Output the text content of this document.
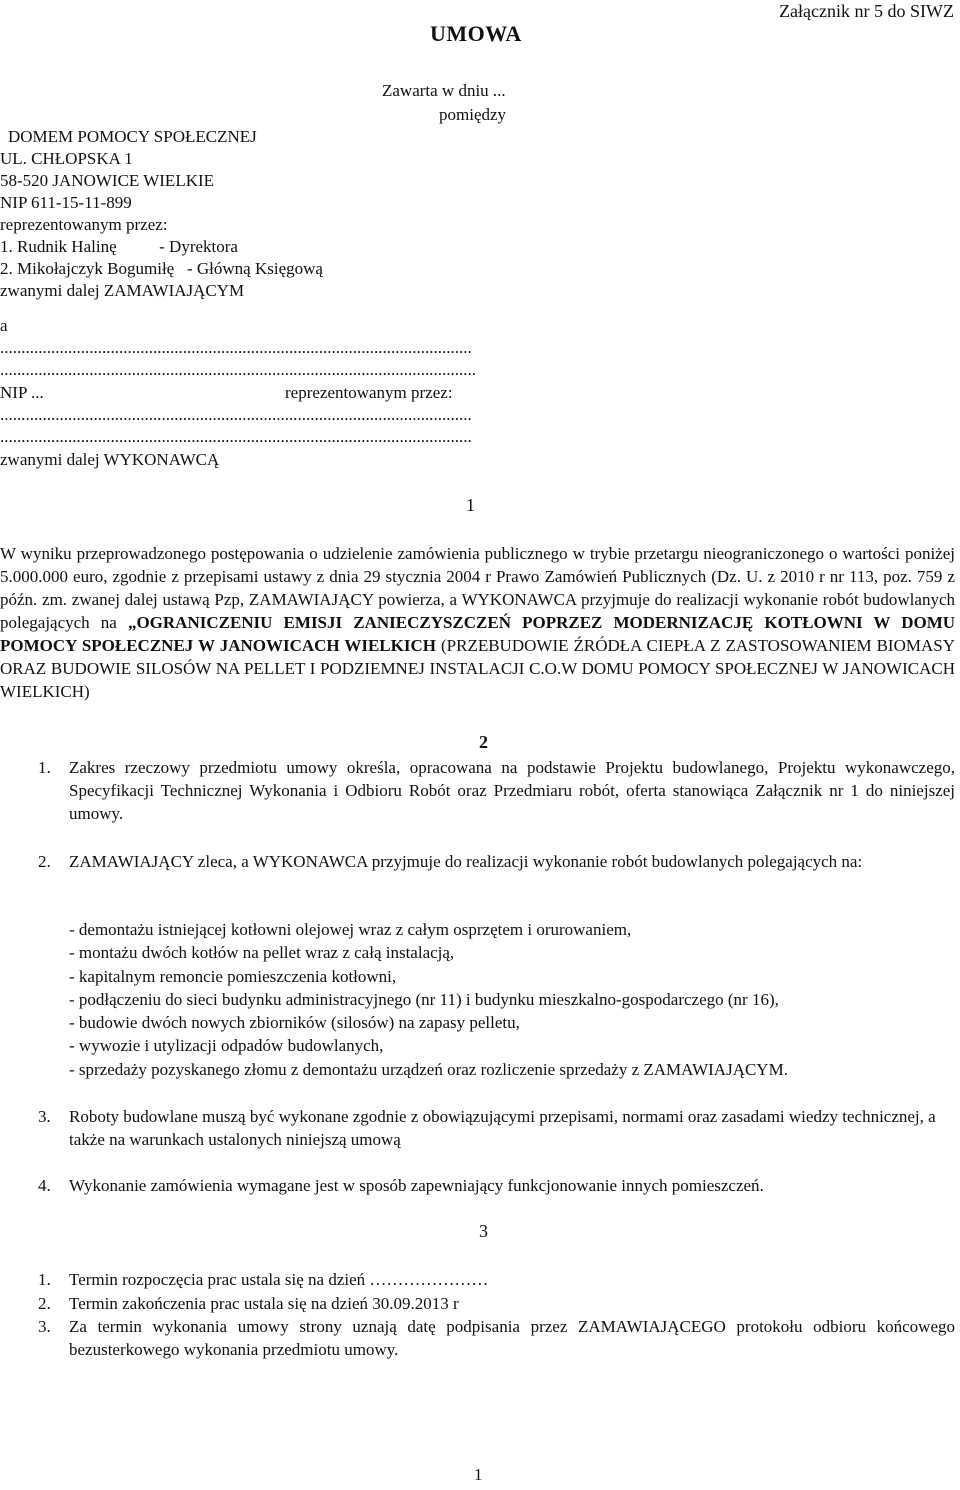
Załącznik nr 5 do SIWZ
UMOWA
Zawarta w dniu ...
pomiędzy
DOMEM POMOCY SPOŁECZNEJ
UL. CHŁOPSKA 1
58-520 JANOWICE WIELKIE
NIP 611-15-11-899
reprezentowanym przez:
1. Rudnik Halinę          - Dyrektora
2. Mikołajczyk Bogumiłę   - Główną Księgową
zwanymi dalej ZAMAWIAJĄCYM
a
...............................................................................................................
................................................................................................................
NIP ...	reprezentowanym przez:
...............................................................................................................
...............................................................................................................
zwanymi dalej WYKONAWCĄ
1
W wyniku przeprowadzonego postępowania o udzielenie zamówienia publicznego w trybie przetargu nieograniczonego o wartości poniżej 5.000.000 euro, zgodnie z przepisami ustawy z dnia 29 stycznia 2004 r Prawo Zamówień Publicznych (Dz. U. z 2010 r nr 113, poz. 759 z późn. zm. zwanej dalej ustawą Pzp, ZAMAWIAJĄCY powierza, a WYKONAWCA przyjmuje do realizacji wykonanie robót budowlanych polegających na „OGRANICZENIU EMISJI ZANIECZYSZCZEŃ POPRZEZ MODERNIZACJĘ KOTŁOWNI W DOMU POMOCY SPOŁECZNEJ W JANOWICACH WIELKICH (PRZEBUDOWIE ŹRÓDŁA CIEPŁA Z ZASTOSOWANIEM BIOMASY ORAZ BUDOWIE SILOSÓW NA PELLET I PODZIEMNEJ INSTALACJI C.O.W DOMU POMOCY SPOŁECZNEJ W JANOWICACH WIELKICH)
2
1. Zakres rzeczowy przedmiotu umowy określa, opracowana na podstawie Projektu budowlanego, Projektu wykonawczego, Specyfikacji Technicznej Wykonania i Odbioru Robót oraz Przedmiaru robót, oferta stanowiąca Załącznik nr 1 do niniejszej umowy.
2. ZAMAWIAJĄCY zleca, a WYKONAWCA przyjmuje do realizacji wykonanie robót budowlanych polegających na:
- demontażu istniejącej kotłowni olejowej wraz z całym osprzętem i orurowaniem,
- montażu dwóch kotłów na pellet wraz z całą instalacją,
- kapitalnym remoncie pomieszczenia kotłowni,
- podłączeniu do sieci budynku administracyjnego (nr 11) i budynku mieszkalno-gospodarczego (nr 16),
- budowie dwóch nowych zbiorników (silosów) na zapasy pelletu,
- wywozie i utylizacji odpadów budowlanych,
- sprzedaży pozyskanego złomu z demontażu urządzeń oraz rozliczenie sprzedaży z ZAMAWIAJĄCYM.
3. Roboty budowlane muszą być wykonane zgodnie z obowiązującymi przepisami, normami oraz zasadami wiedzy technicznej, a także na warunkach ustalonych niniejszą umową
4. Wykonanie zamówienia wymagane jest w sposób zapewniający funkcjonowanie innych pomieszczeń.
3
1. Termin rozpoczęcia prac ustala się na dzień …………………
2. Termin zakończenia prac ustala się na dzień 30.09.2013 r
3. Za termin wykonania umowy strony uznają datę podpisania przez ZAMAWIAJĄCEGO protokołu odbioru końcowego bezusterkowego wykonania przedmiotu umowy.
1
